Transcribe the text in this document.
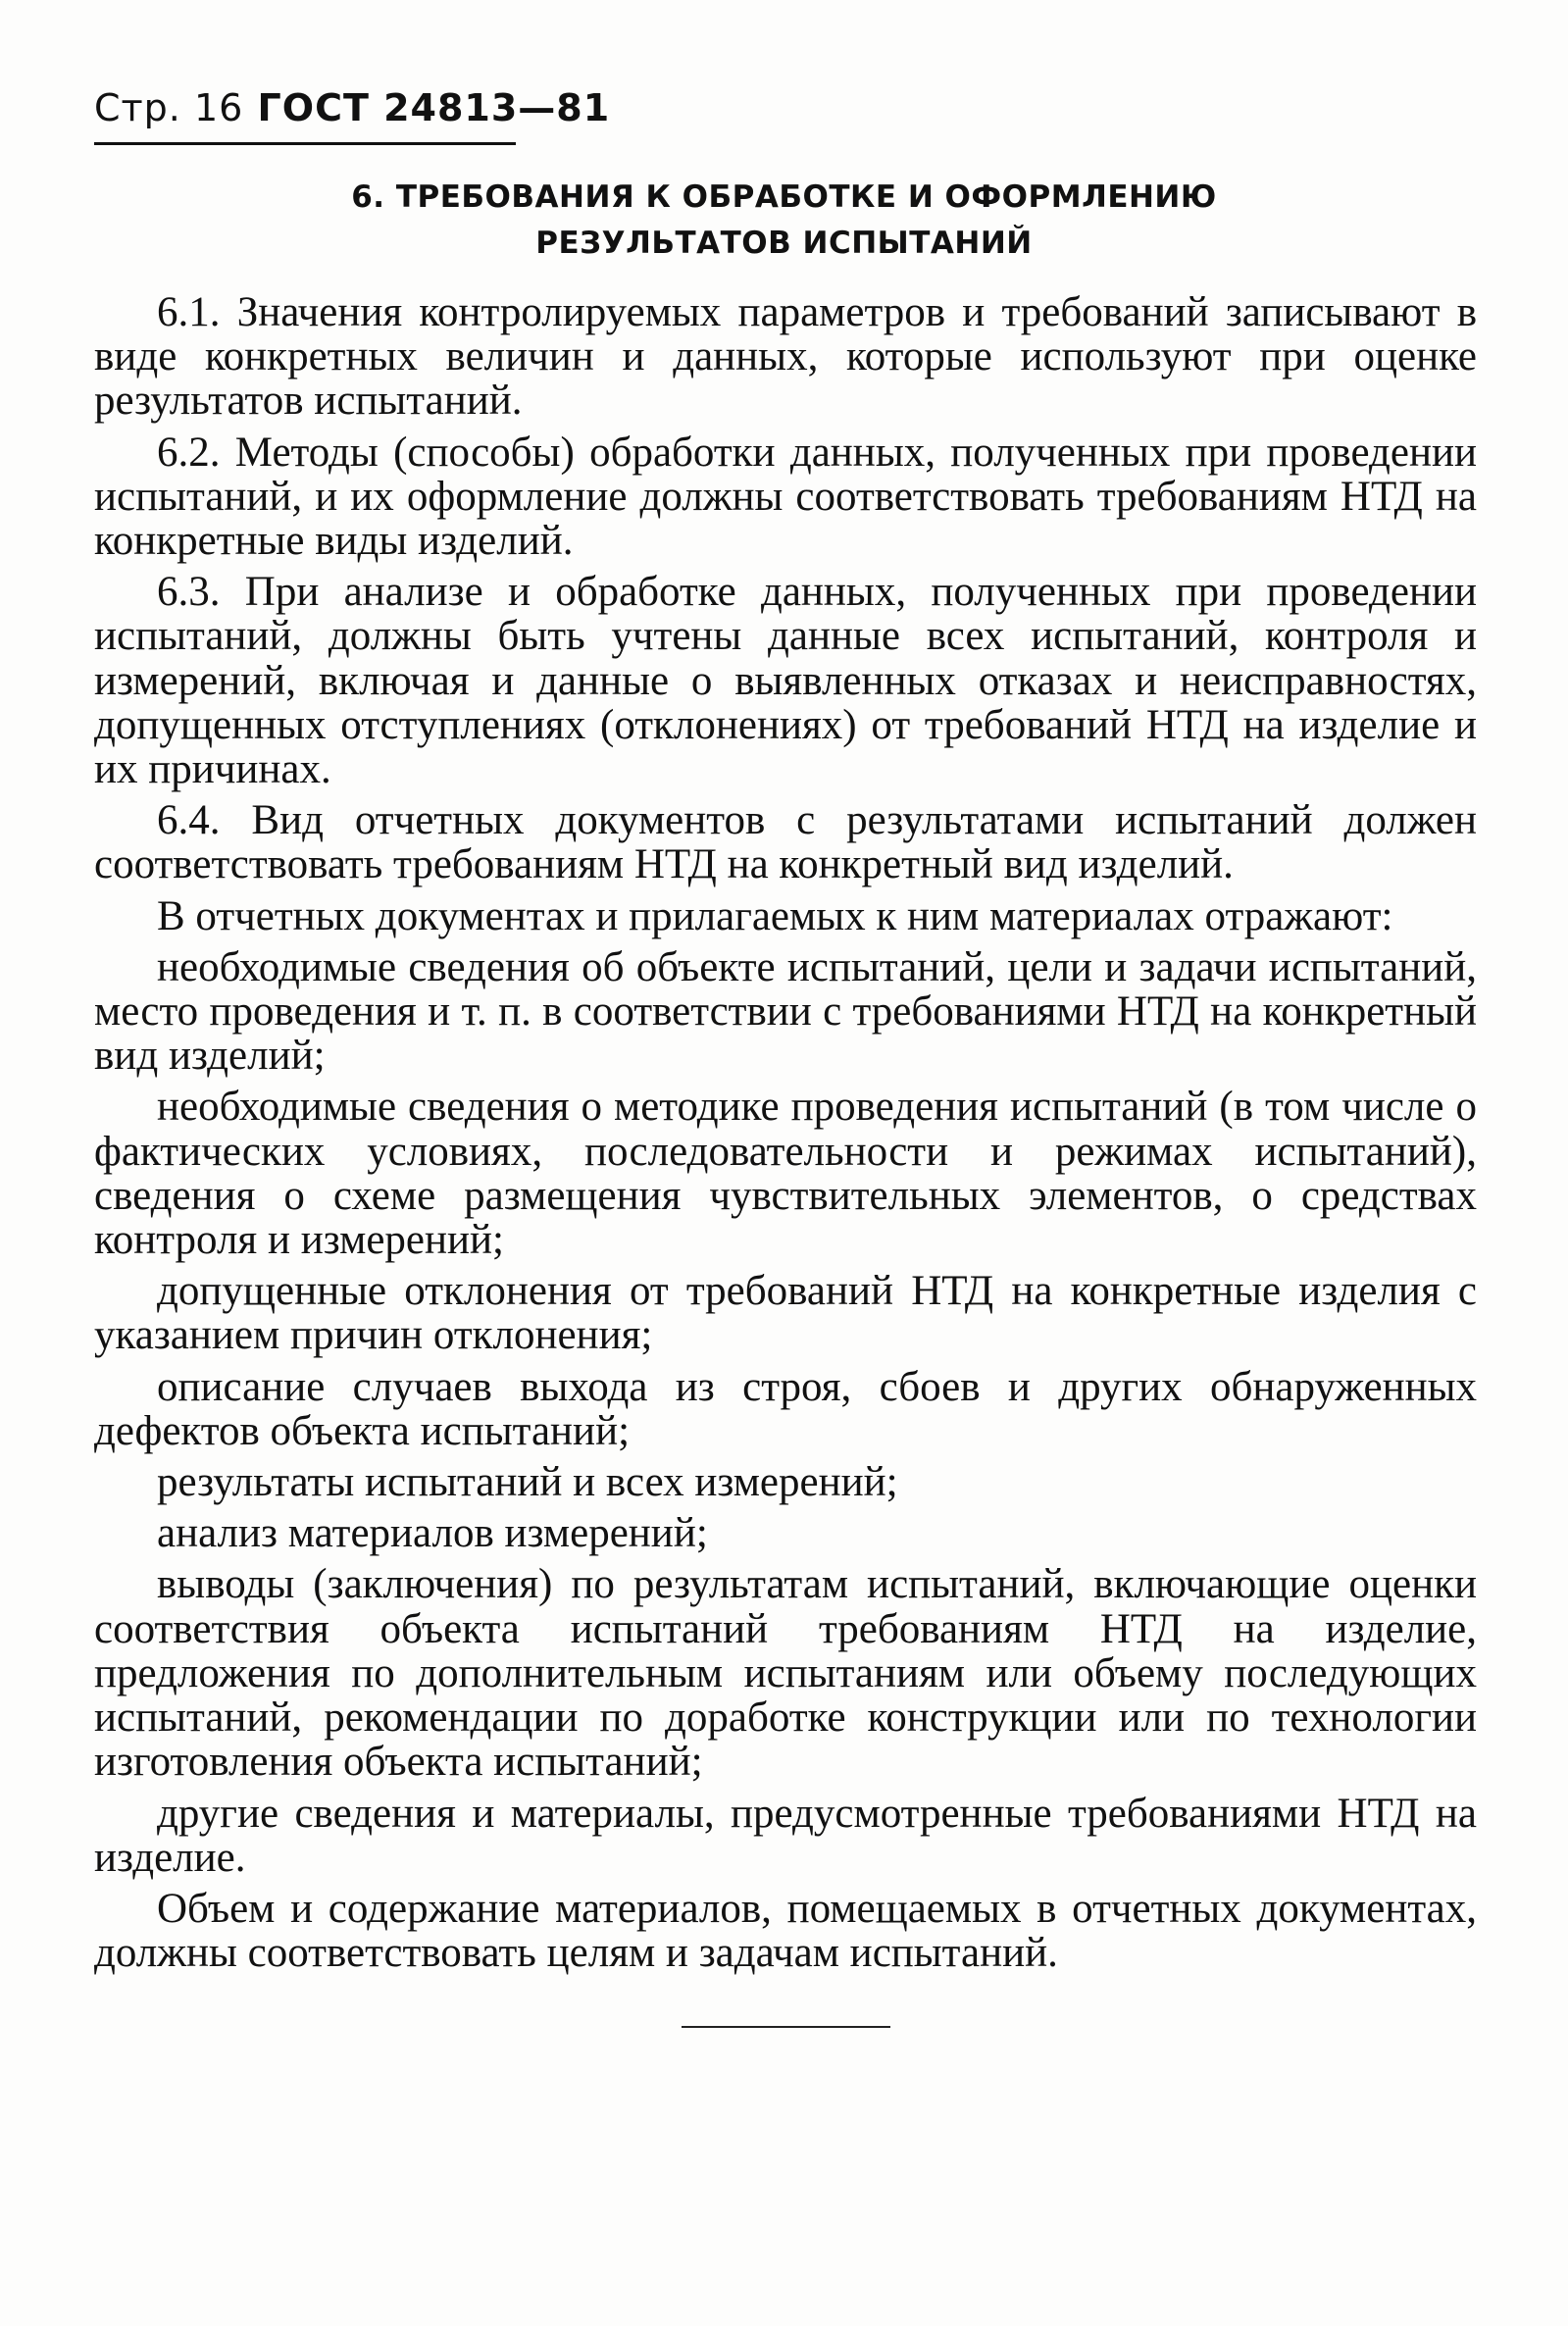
Стр. 16 ГОСТ 24813—81
6. ТРЕБОВАНИЯ К ОБРАБОТКЕ И ОФОРМЛЕНИЮ
РЕЗУЛЬТАТОВ ИСПЫТАНИЙ

6.1. Значения контролируемых параметров и требований записывают в виде конкретных величин и данных, которые используют при оценке результатов испытаний.

6.2. Методы (способы) обработки данных, полученных при проведении испытаний, и их оформление должны соответствовать требованиям НТД на конкретные виды изделий.

6.3. При анализе и обработке данных, полученных при проведении испытаний, должны быть учтены данные всех испытаний, контроля и измерений, включая и данные о выявленных отказах и неисправностях, допущенных отступлениях (отклонениях) от требований НТД на изделие и их причинах.

6.4. Вид отчетных документов с результатами испытаний должен соответствовать требованиям НТД на конкретный вид изделий.

В отчетных документах и прилагаемых к ним материалах отражают:

необходимые сведения об объекте испытаний, цели и задачи испытаний, место проведения и т. п. в соответствии с требованиями НТД на конкретный вид изделий;

необходимые сведения о методике проведения испытаний (в том числе о фактических условиях, последовательности и режимах испытаний), сведения о схеме размещения чувствительных элементов, о средствах контроля и измерений;

допущенные отклонения от требований НТД на конкретные изделия с указанием причин отклонения;

описание случаев выхода из строя, сбоев и других обнаруженных дефектов объекта испытаний;

результаты испытаний и всех измерений;

анализ материалов измерений;

выводы (заключения) по результатам испытаний, включающие оценки соответствия объекта испытаний требованиям НТД на изделие, предложения по дополнительным испытаниям или объему последующих испытаний, рекомендации по доработке конструкции или по технологии изготовления объекта испытаний;

другие сведения и материалы, предусмотренные требованиями НТД на изделие.

Объем и содержание материалов, помещаемых в отчетных документах, должны соответствовать целям и задачам испытаний.
